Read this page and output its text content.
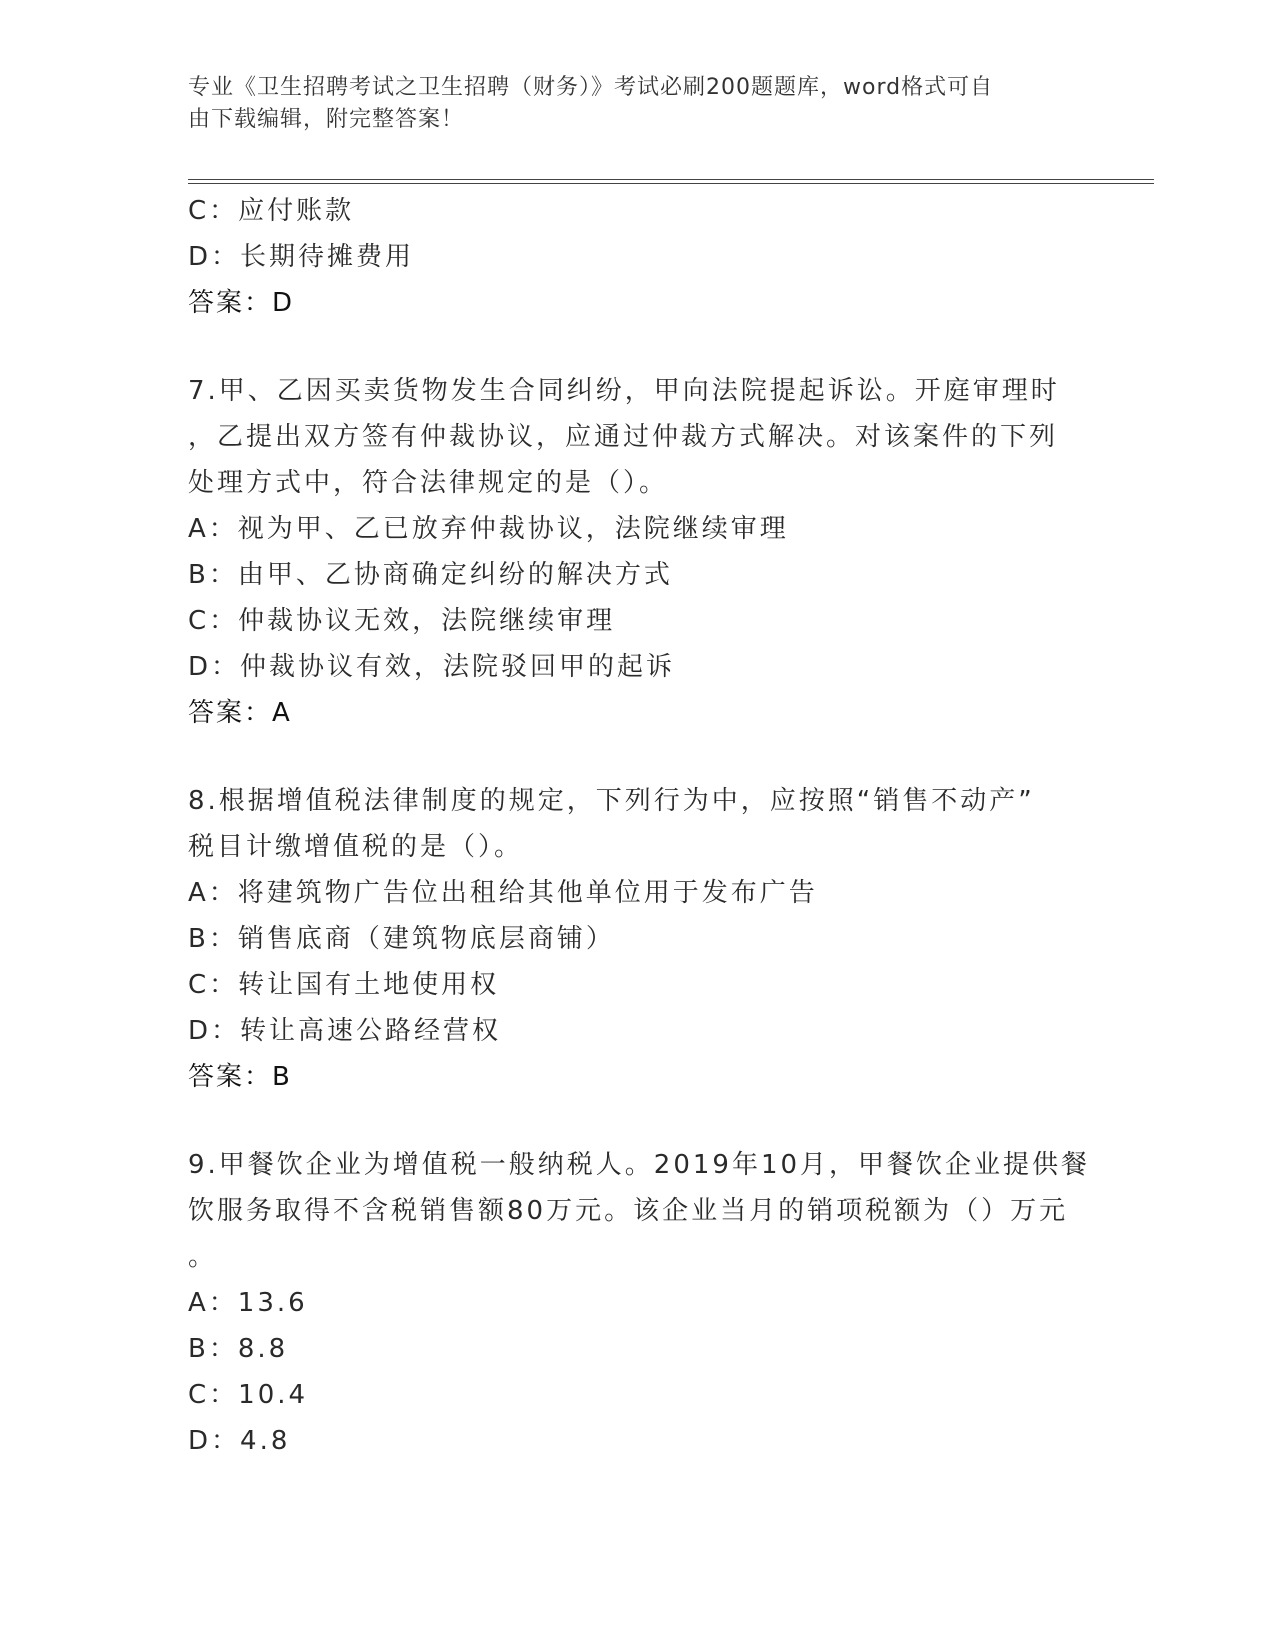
专业《卫生招聘考试之卫生招聘（财务）》考试必刷200题题库，word格式可自
由下载编辑，附完整答案！
C：应付账款
D：长期待摊费用
答案：D
7.甲、乙因买卖货物发生合同纠纷，甲向法院提起诉讼。开庭审理时
，乙提出双方签有仲裁协议，应通过仲裁方式解决。对该案件的下列
处理方式中，符合法律规定的是（）。
A：视为甲、乙已放弃仲裁协议，法院继续审理
B：由甲、乙协商确定纠纷的解决方式
C：仲裁协议无效，法院继续审理
D：仲裁协议有效，法院驳回甲的起诉
答案：A
8.根据增值税法律制度的规定，下列行为中，应按照“销售不动产”
税目计缴增值税的是（）。
A：将建筑物广告位出租给其他单位用于发布广告
B：销售底商（建筑物底层商铺）
C：转让国有土地使用权
D：转让高速公路经营权
答案：B
9.甲餐饮企业为增值税一般纳税人。2019年10月，甲餐饮企业提供餐
饮服务取得不含税销售额80万元。该企业当月的销项税额为（）万元
。
A：13.6
B：8.8
C：10.4
D：4.8
